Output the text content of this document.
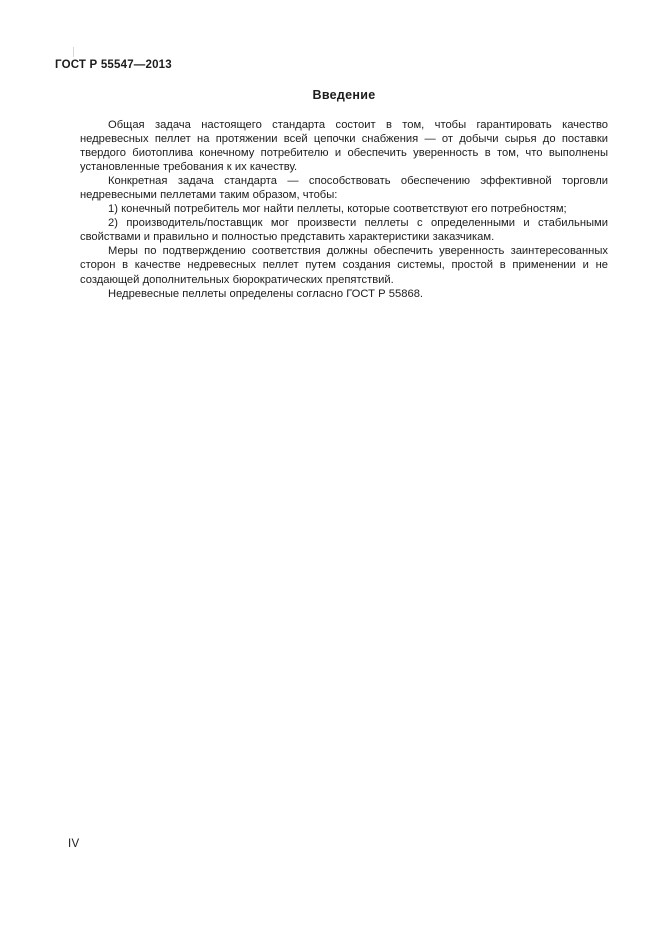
ГОСТ Р 55547—2013
Введение

Общая задача настоящего стандарта состоит в том, чтобы гарантировать качество недревесных пеллет на протяжении всей цепочки снабжения — от добычи сырья до поставки твердого биотоплива конечному потребителю и обеспечить уверенность в том, что выполнены установленные требования к их качеству.

Конкретная задача стандарта — способствовать обеспечению эффективной торговли недревесными пеллетами таким образом, чтобы:

1) конечный потребитель мог найти пеллеты, которые соответствуют его потребностям;

2) производитель/поставщик мог произвести пеллеты с определенными и стабильными свойствами и правильно и полностью представить характеристики заказчикам.

Меры по подтверждению соответствия должны обеспечить уверенность заинтересованных сторон в качестве недревесных пеллет путем создания системы, простой в применении и не создающей дополнительных бюрократических препятствий.

Недревесные пеллеты определены согласно ГОСТ Р 55868.

IV
